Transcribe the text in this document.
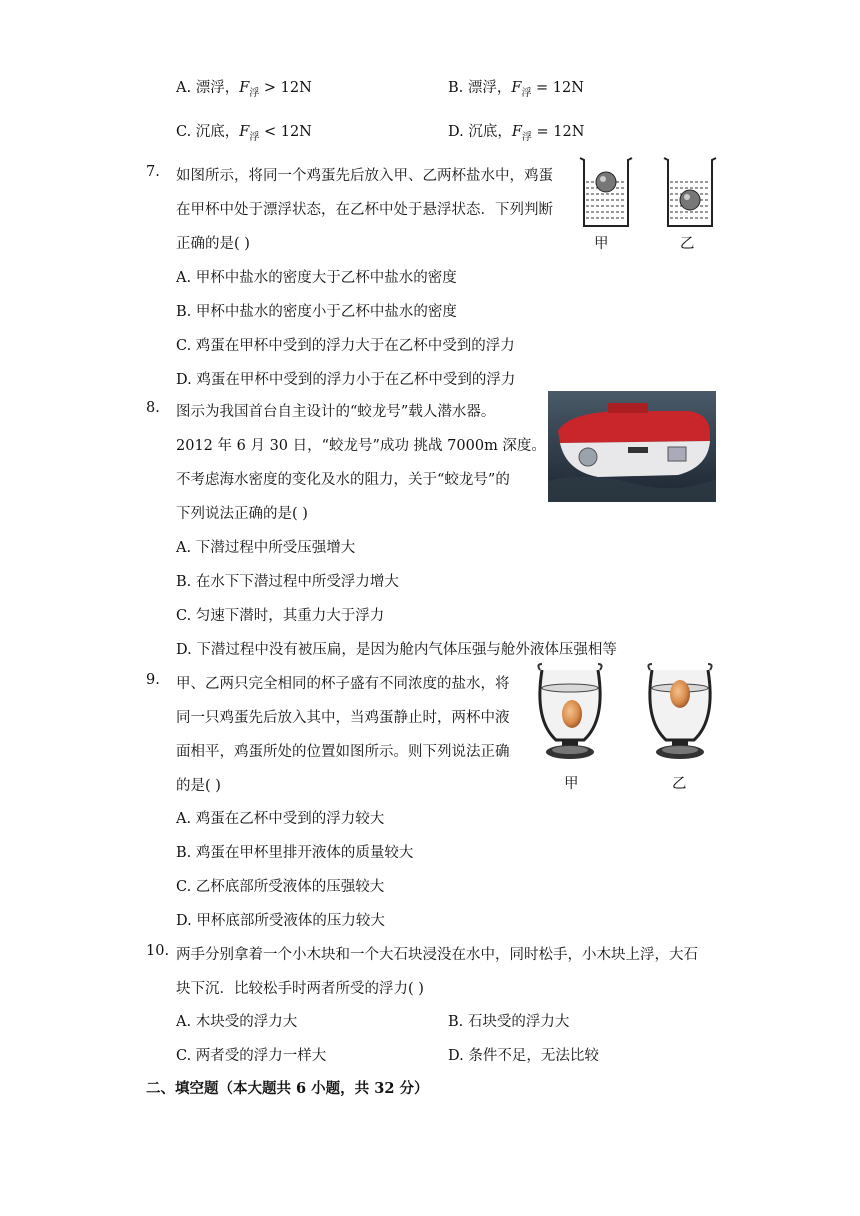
A. 漂浮，$F_浮 > 12N$	B. 漂浮，$F_浮 = 12N$
C. 沉底，$F_浮 < 12N$	D. 沉底，$F_浮 = 12N$
7.	如图所示，将同一个鸡蛋先后放入甲、乙两杯盐水中，鸡蛋
在甲杯中处于漂浮状态，在乙杯中处于悬浮状态．下列判断
正确的是( )
A. 甲杯中盐水的密度大于乙杯中盐水的密度
B. 甲杯中盐水的密度小于乙杯中盐水的密度
C. 鸡蛋在甲杯中受到的浮力大于在乙杯中受到的浮力
D. 鸡蛋在甲杯中受到的浮力小于在乙杯中受到的浮力
甲	乙
8.	图示为我国首台自主设计的“蛟龙号”载人潜水器。
2012 年 6 月 30 日，“蛟龙号”成功 挑战 7000m 深度。
不考虑海水密度的变化及水的阻力，关于“蛟龙号”的
下列说法正确的是( )
A. 下潜过程中所受压强增大
B. 在水下下潜过程中所受浮力增大
C. 匀速下潜时，其重力大于浮力
D. 下潜过程中没有被压扁，是因为舱内气体压强与舱外液体压强相等
9.	甲、乙两只完全相同的杯子盛有不同浓度的盐水，将
同一只鸡蛋先后放入其中，当鸡蛋静止时，两杯中液
面相平，鸡蛋所处的位置如图所示。则下列说法正确
的是( )
A. 鸡蛋在乙杯中受到的浮力较大
B. 鸡蛋在甲杯里排开液体的质量较大
C. 乙杯底部所受液体的压强较大
D. 甲杯底部所受液体的压力较大
甲	乙
10. 两手分别拿着一个小木块和一个大石块浸没在水中，同时松手，小木块上浮，大石
块下沉．比较松手时两者所受的浮力( )
A. 木块受的浮力大	B. 石块受的浮力大
C. 两者受的浮力一样大	D. 条件不足，无法比较
二、填空题（本大题共 6 小题，共 32 分）
